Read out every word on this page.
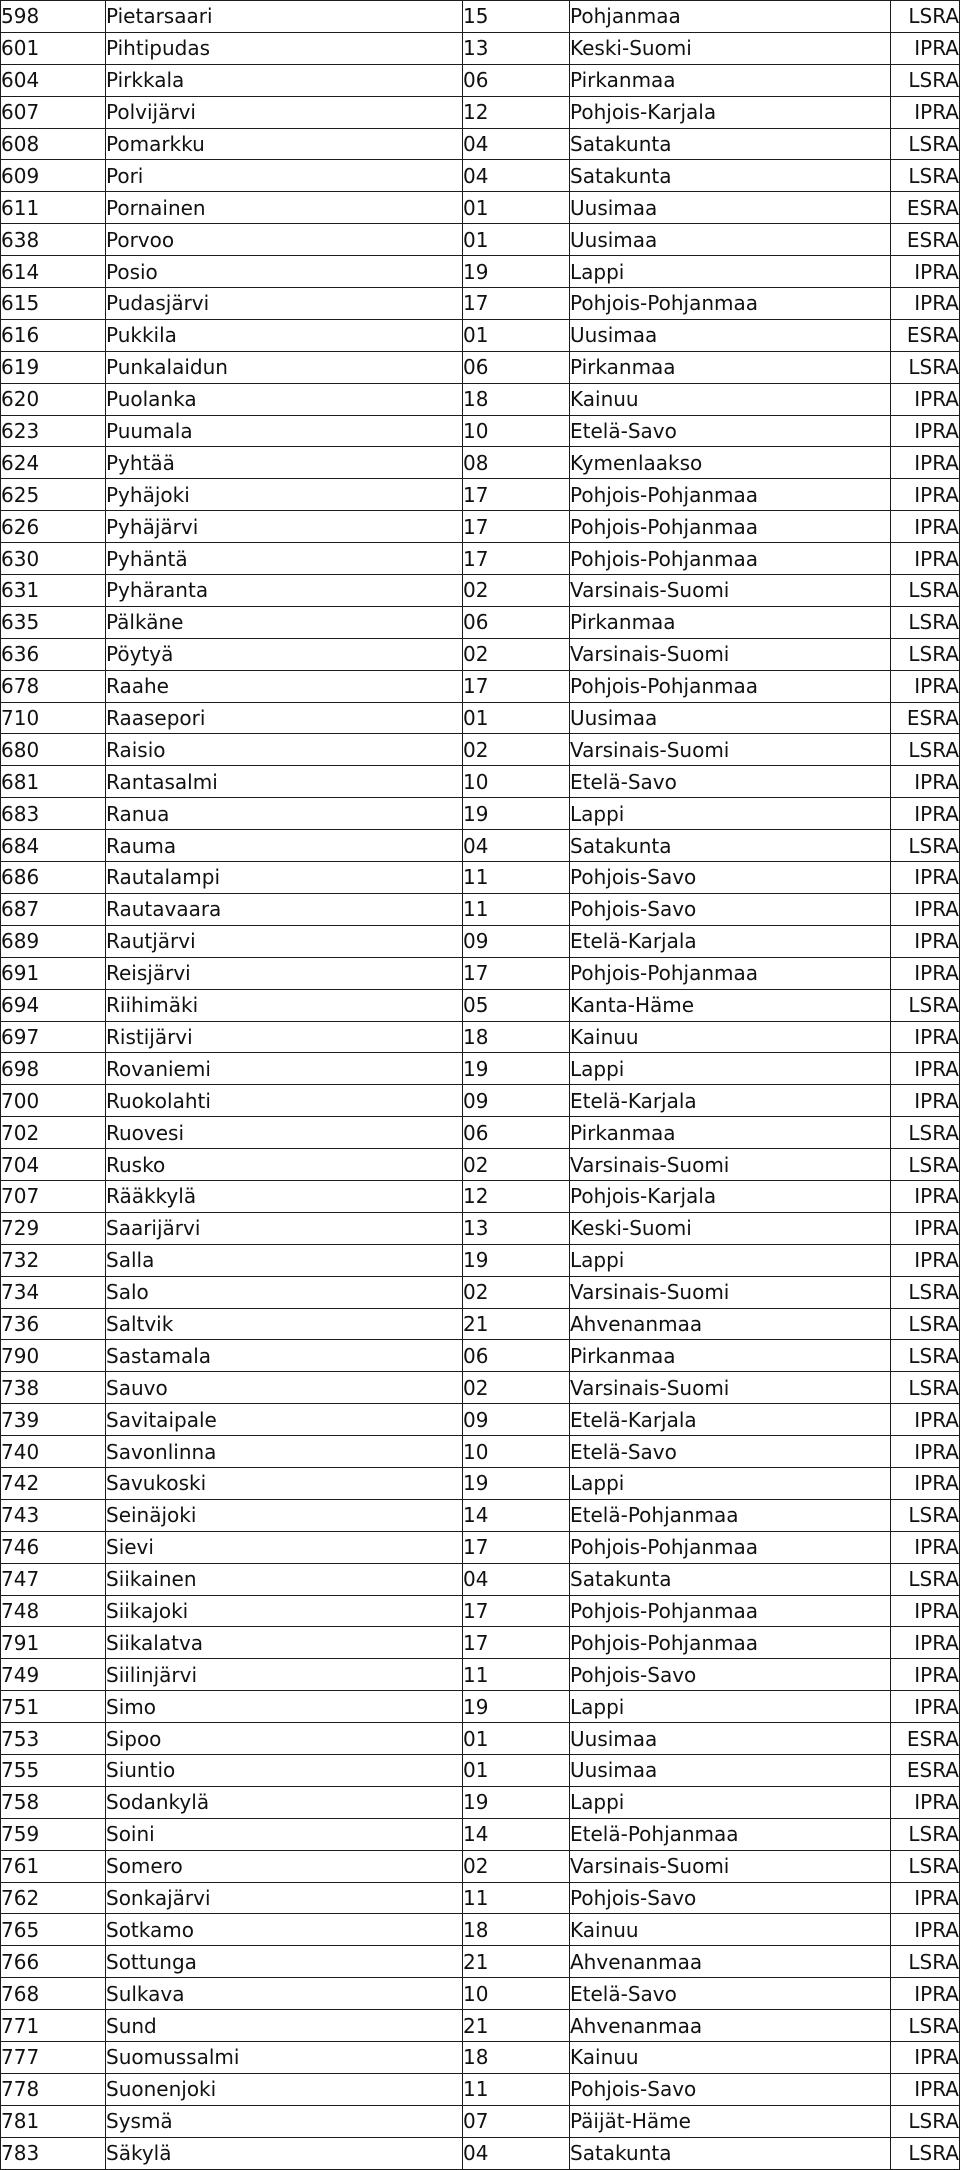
598	Pietarsaari	15	Pohjanmaa	LSRA
601	Pihtipudas	13	Keski-Suomi	IPRA
604	Pirkkala	06	Pirkanmaa	LSRA
607	Polvijärvi	12	Pohjois-Karjala	IPRA
608	Pomarkku	04	Satakunta	LSRA
609	Pori	04	Satakunta	LSRA
611	Pornainen	01	Uusimaa	ESRA
638	Porvoo	01	Uusimaa	ESRA
614	Posio	19	Lappi	IPRA
615	Pudasjärvi	17	Pohjois-Pohjanmaa	IPRA
616	Pukkila	01	Uusimaa	ESRA
619	Punkalaidun	06	Pirkanmaa	LSRA
620	Puolanka	18	Kainuu	IPRA
623	Puumala	10	Etelä-Savo	IPRA
624	Pyhtää	08	Kymenlaakso	IPRA
625	Pyhäjoki	17	Pohjois-Pohjanmaa	IPRA
626	Pyhäjärvi	17	Pohjois-Pohjanmaa	IPRA
630	Pyhäntä	17	Pohjois-Pohjanmaa	IPRA
631	Pyhäranta	02	Varsinais-Suomi	LSRA
635	Pälkäne	06	Pirkanmaa	LSRA
636	Pöytyä	02	Varsinais-Suomi	LSRA
678	Raahe	17	Pohjois-Pohjanmaa	IPRA
710	Raasepori	01	Uusimaa	ESRA
680	Raisio	02	Varsinais-Suomi	LSRA
681	Rantasalmi	10	Etelä-Savo	IPRA
683	Ranua	19	Lappi	IPRA
684	Rauma	04	Satakunta	LSRA
686	Rautalampi	11	Pohjois-Savo	IPRA
687	Rautavaara	11	Pohjois-Savo	IPRA
689	Rautjärvi	09	Etelä-Karjala	IPRA
691	Reisjärvi	17	Pohjois-Pohjanmaa	IPRA
694	Riihimäki	05	Kanta-Häme	LSRA
697	Ristijärvi	18	Kainuu	IPRA
698	Rovaniemi	19	Lappi	IPRA
700	Ruokolahti	09	Etelä-Karjala	IPRA
702	Ruovesi	06	Pirkanmaa	LSRA
704	Rusko	02	Varsinais-Suomi	LSRA
707	Rääkkylä	12	Pohjois-Karjala	IPRA
729	Saarijärvi	13	Keski-Suomi	IPRA
732	Salla	19	Lappi	IPRA
734	Salo	02	Varsinais-Suomi	LSRA
736	Saltvik	21	Ahvenanmaa	LSRA
790	Sastamala	06	Pirkanmaa	LSRA
738	Sauvo	02	Varsinais-Suomi	LSRA
739	Savitaipale	09	Etelä-Karjala	IPRA
740	Savonlinna	10	Etelä-Savo	IPRA
742	Savukoski	19	Lappi	IPRA
743	Seinäjoki	14	Etelä-Pohjanmaa	LSRA
746	Sievi	17	Pohjois-Pohjanmaa	IPRA
747	Siikainen	04	Satakunta	LSRA
748	Siikajoki	17	Pohjois-Pohjanmaa	IPRA
791	Siikalatva	17	Pohjois-Pohjanmaa	IPRA
749	Siilinjärvi	11	Pohjois-Savo	IPRA
751	Simo	19	Lappi	IPRA
753	Sipoo	01	Uusimaa	ESRA
755	Siuntio	01	Uusimaa	ESRA
758	Sodankylä	19	Lappi	IPRA
759	Soini	14	Etelä-Pohjanmaa	LSRA
761	Somero	02	Varsinais-Suomi	LSRA
762	Sonkajärvi	11	Pohjois-Savo	IPRA
765	Sotkamo	18	Kainuu	IPRA
766	Sottunga	21	Ahvenanmaa	LSRA
768	Sulkava	10	Etelä-Savo	IPRA
771	Sund	21	Ahvenanmaa	LSRA
777	Suomussalmi	18	Kainuu	IPRA
778	Suonenjoki	11	Pohjois-Savo	IPRA
781	Sysmä	07	Päijät-Häme	LSRA
783	Säkylä	04	Satakunta	LSRA
